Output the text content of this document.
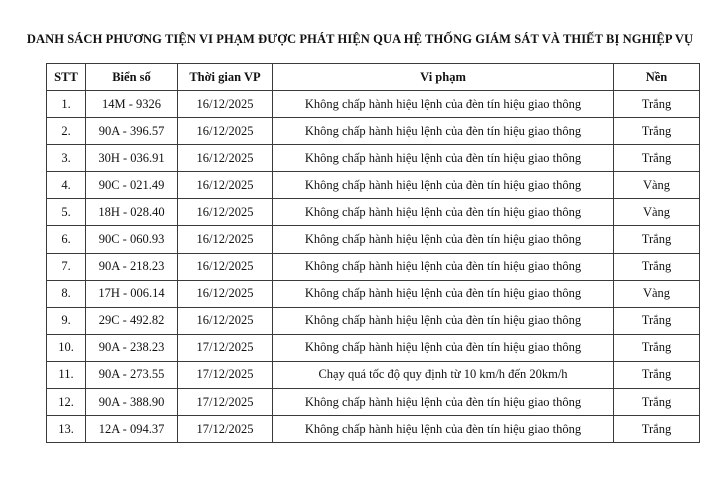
DANH SÁCH PHƯƠNG TIỆN VI PHẠM ĐƯỢC PHÁT HIỆN QUA HỆ THỐNG GIÁM SÁT VÀ THIẾT BỊ NGHIỆP VỤ
STT	Biển số	Thời gian VP	Vi phạm	Nền
1.	14M - 9326	16/12/2025	Không chấp hành hiệu lệnh của đèn tín hiệu giao thông	Trắng
2.	90A - 396.57	16/12/2025	Không chấp hành hiệu lệnh của đèn tín hiệu giao thông	Trắng
3.	30H - 036.91	16/12/2025	Không chấp hành hiệu lệnh của đèn tín hiệu giao thông	Trắng
4.	90C - 021.49	16/12/2025	Không chấp hành hiệu lệnh của đèn tín hiệu giao thông	Vàng
5.	18H - 028.40	16/12/2025	Không chấp hành hiệu lệnh của đèn tín hiệu giao thông	Vàng
6.	90C - 060.93	16/12/2025	Không chấp hành hiệu lệnh của đèn tín hiệu giao thông	Trắng
7.	90A - 218.23	16/12/2025	Không chấp hành hiệu lệnh của đèn tín hiệu giao thông	Trắng
8.	17H - 006.14	16/12/2025	Không chấp hành hiệu lệnh của đèn tín hiệu giao thông	Vàng
9.	29C - 492.82	16/12/2025	Không chấp hành hiệu lệnh của đèn tín hiệu giao thông	Trắng
10.	90A - 238.23	17/12/2025	Không chấp hành hiệu lệnh của đèn tín hiệu giao thông	Trắng
11.	90A - 273.55	17/12/2025	Chạy quá tốc độ quy định từ 10 km/h đến 20km/h	Trắng
12.	90A - 388.90	17/12/2025	Không chấp hành hiệu lệnh của đèn tín hiệu giao thông	Trắng
13.	12A - 094.37	17/12/2025	Không chấp hành hiệu lệnh của đèn tín hiệu giao thông	Trắng
